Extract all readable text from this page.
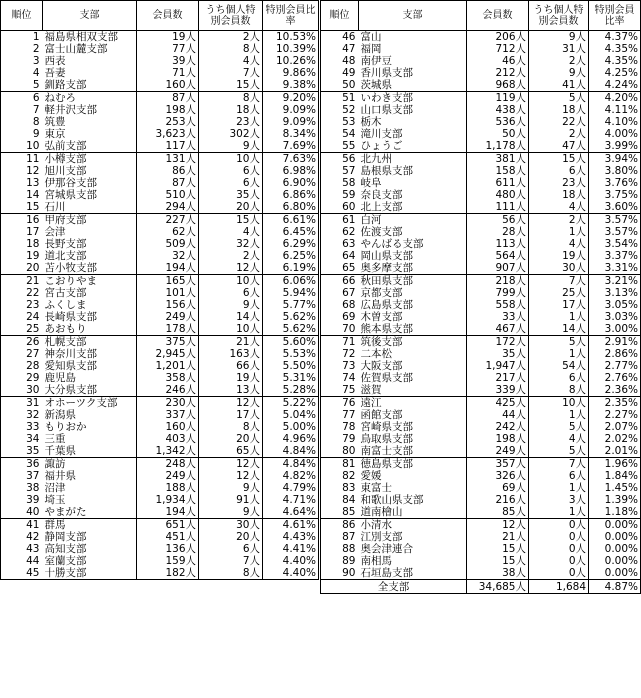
順位	支部	会員数	うち個人特別会員数	特別会員比率
1	福島県相双支部	19人	2人	10.53%
2	富士山麓支部	77人	8人	10.39%
3	西表	39人	4人	10.26%
4	吾妻	71人	7人	9.86%
5	釧路支部	160人	15人	9.38%
6	ねむろ	87人	8人	9.20%
7	軽井沢支部	198人	18人	9.09%
8	筑豊	253人	23人	9.09%
9	東京	3,623人	302人	8.34%
10	弘前支部	117人	9人	7.69%
11	小樽支部	131人	10人	7.63%
12	旭川支部	86人	6人	6.98%
13	伊那谷支部	87人	6人	6.90%
14	宮城県支部	510人	35人	6.86%
15	石川	294人	20人	6.80%
16	甲府支部	227人	15人	6.61%
17	会津	62人	4人	6.45%
18	長野支部	509人	32人	6.29%
19	道北支部	32人	2人	6.25%
20	苫小牧支部	194人	12人	6.19%
21	こおりやま	165人	10人	6.06%
22	宮古支部	101人	6人	5.94%
23	ふくしま	156人	9人	5.77%
24	長崎県支部	249人	14人	5.62%
25	あおもり	178人	10人	5.62%
26	札幌支部	375人	21人	5.60%
27	神奈川支部	2,945人	163人	5.53%
28	愛知県支部	1,201人	66人	5.50%
29	鹿児島	358人	19人	5.31%
30	大分県支部	246人	13人	5.28%
31	オホーツク支部	230人	12人	5.22%
32	新潟県	337人	17人	5.04%
33	もりおか	160人	8人	5.00%
34	三重	403人	20人	4.96%
35	千葉県	1,342人	65人	4.84%
36	諏訪	248人	12人	4.84%
37	福井県	249人	12人	4.82%
38	沼津	188人	9人	4.79%
39	埼玉	1,934人	91人	4.71%
40	やまがた	194人	9人	4.64%
41	群馬	651人	30人	4.61%
42	静岡支部	451人	20人	4.43%
43	高知支部	136人	6人	4.41%
44	室蘭支部	159人	7人	4.40%
45	十勝支部	182人	8人	4.40%
順位	支部	会員数	うち個人特別会員数	特別会員比率
46	富山	206人	9人	4.37%
47	福岡	712人	31人	4.35%
48	南伊豆	46人	2人	4.35%
49	香川県支部	212人	9人	4.25%
50	茨城県	968人	41人	4.24%
51	いわき支部	119人	5人	4.20%
52	山口県支部	438人	18人	4.11%
53	栃木	536人	22人	4.10%
54	滝川支部	50人	2人	4.00%
55	ひょうご	1,178人	47人	3.99%
56	北九州	381人	15人	3.94%
57	島根県支部	158人	6人	3.80%
58	岐阜	611人	23人	3.76%
59	奈良支部	480人	18人	3.75%
60	北上支部	111人	4人	3.60%
61	白河	56人	2人	3.57%
62	佐渡支部	28人	1人	3.57%
63	やんばる支部	113人	4人	3.54%
64	岡山県支部	564人	19人	3.37%
65	奥多摩支部	907人	30人	3.31%
66	秋田県支部	218人	7人	3.21%
67	京都支部	799人	25人	3.13%
68	広島県支部	558人	17人	3.05%
69	木曽支部	33人	1人	3.03%
70	熊本県支部	467人	14人	3.00%
71	筑後支部	172人	5人	2.91%
72	二本松	35人	1人	2.86%
73	大阪支部	1,947人	54人	2.77%
74	佐賀県支部	217人	6人	2.76%
75	滋賀	339人	8人	2.36%
76	遠江	425人	10人	2.35%
77	函館支部	44人	1人	2.27%
78	宮崎県支部	242人	5人	2.07%
79	鳥取県支部	198人	4人	2.02%
80	南富士支部	249人	5人	2.01%
81	徳島県支部	357人	7人	1.96%
82	愛媛	326人	6人	1.84%
83	東富士	69人	1人	1.45%
84	和歌山県支部	216人	3人	1.39%
85	道南檜山	85人	1人	1.18%
86	小清水	12人	0人	0.00%
87	江別支部	21人	0人	0.00%
88	奥会津連合	15人	0人	0.00%
89	南相馬	15人	0人	0.00%
90	石垣島支部	38人	0人	0.00%
全支部		34,685人	1,684	4.87%
